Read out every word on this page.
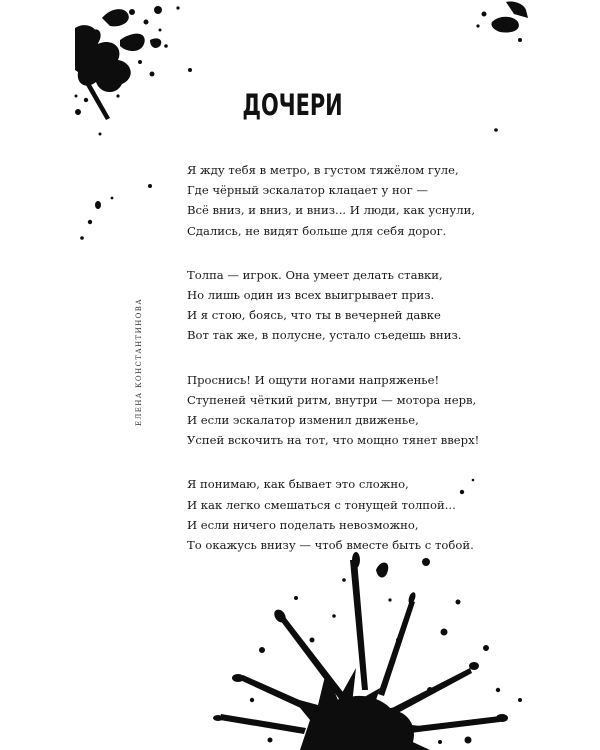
ДОЧЕРИ
ЕЛЕНА КОНСТАНТИНОВА
Я жду тебя в метро, в густом тяжёлом гуле,
Где чёрный эскалатор клацает у ног —
Всё вниз, и вниз, и вниз... И люди, как уснули,
Сдались, не видят больше для себя дорог.
Толпа — игрок. Она умеет делать ставки,
Но лишь один из всех выигрывает приз.
И я стою, боясь, что ты в вечерней давке
Вот так же, в полусне, устало съедешь вниз.
Проснись! И ощути ногами напряженье!
Ступеней чёткий ритм, внутри — мотора нерв,
И если эскалатор изменил движенье,
Успей вскочить на тот, что мощно тянет вверх!
Я понимаю, как бывает это сложно,
И как легко смешаться с тонущей толпой...
И если ничего поделать невозможно,
То окажусь внизу — чтоб вместе быть с тобой.
